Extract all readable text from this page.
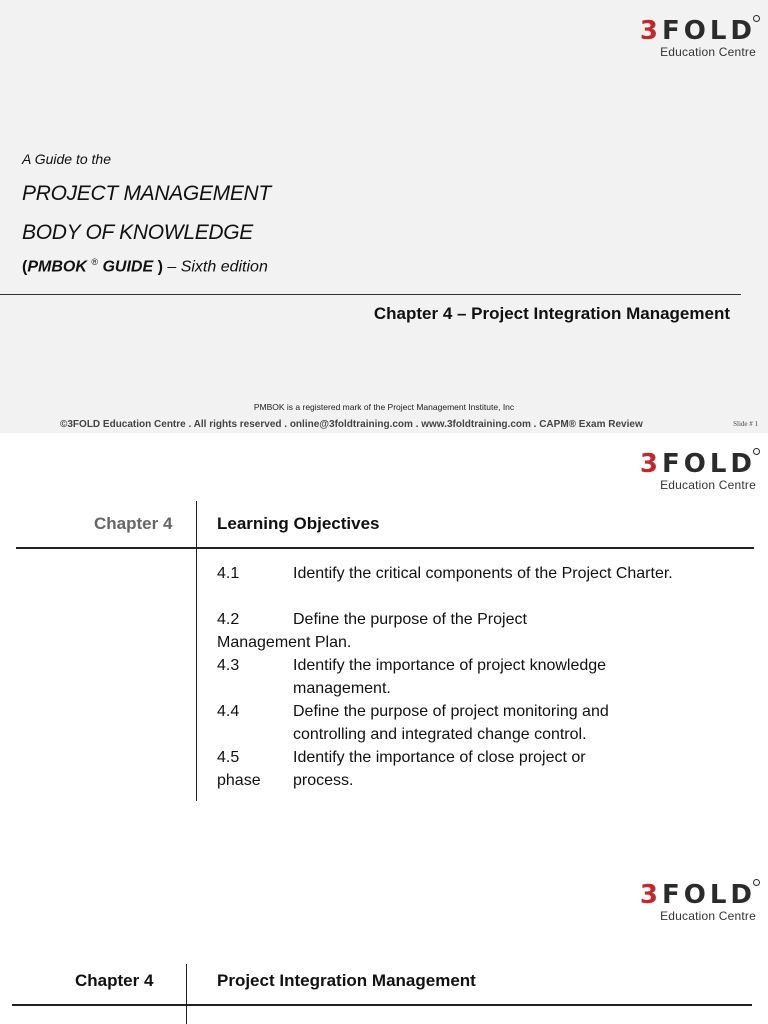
3FOLD
Education Centre
A Guide to the
PROJECT MANAGEMENT
BODY OF KNOWLEDGE
(PMBOK ® GUIDE ) – Sixth edition
Chapter 4 – Project Integration Management
PMBOK is a registered mark of the Project Management Institute, Inc
©3FOLD Education Centre . All rights reserved . online@3foldtraining.com . www.3foldtraining.com . CAPM® Exam Review	Slide # 1
3FOLD
Education Centre
Chapter 4	Learning Objectives
4.1	Identify the critical components of the Project Charter.
4.2	Define the purpose of the Project
Management Plan.
4.3	Identify the importance of project knowledge management.
4.4	Define the purpose of project monitoring and controlling and integrated change control.
4.5	Identify the importance of close project or
phase process.
3FOLD
Education Centre
Chapter 4	Project Integration Management
